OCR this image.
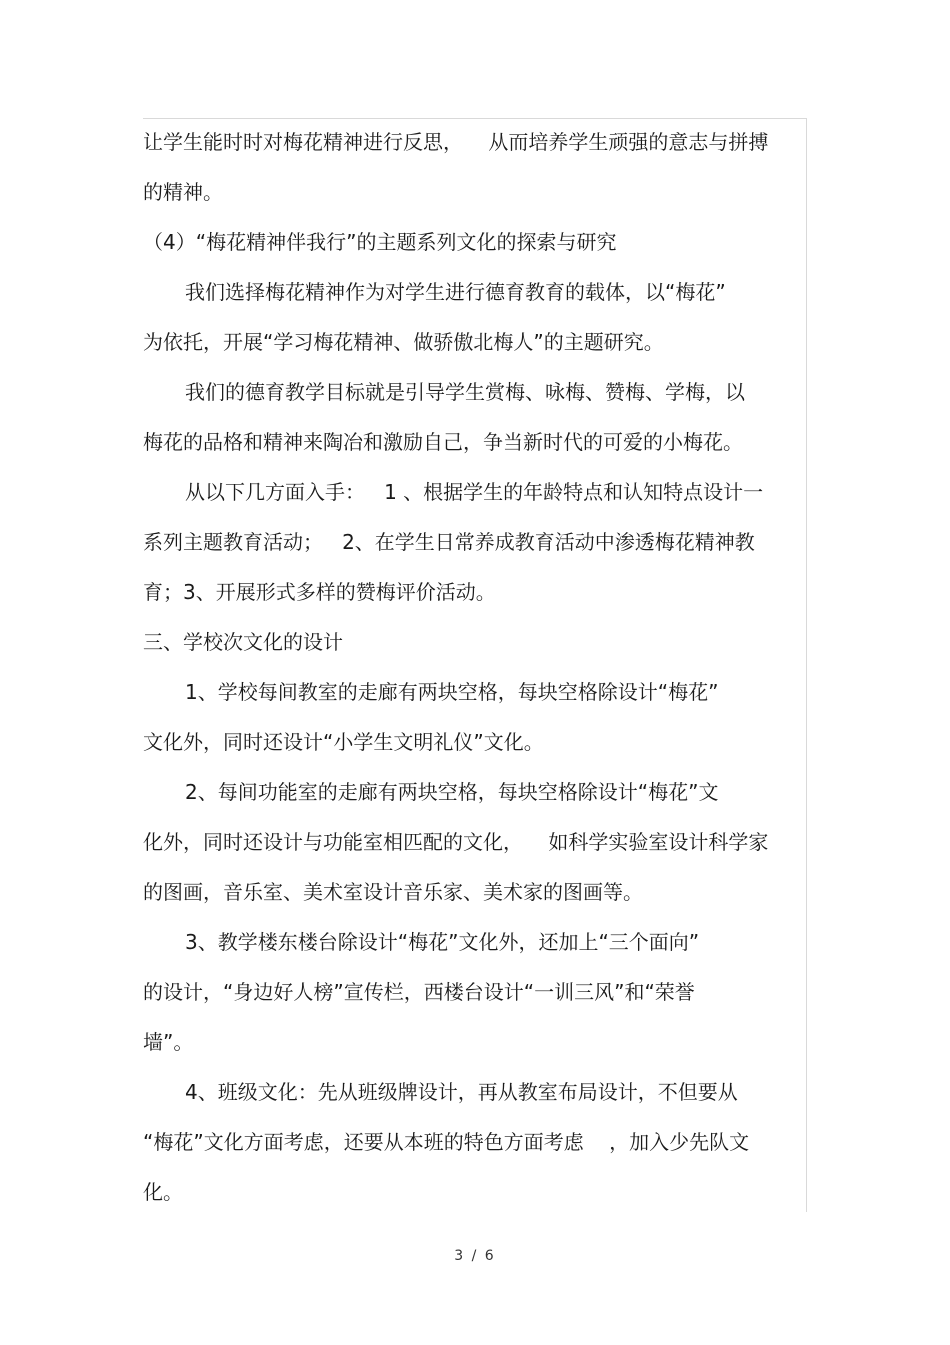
让学生能时时对梅花精神进行反思，    从而培养学生顽强的意志与拼搏
的精神。
（4）“梅花精神伴我行”的主题系列文化的探索与研究
我们选择梅花精神作为对学生进行德育教育的载体，以“梅花”
为依托，开展“学习梅花精神、做骄傲北梅人”的主题研究。
我们的德育教学目标就是引导学生赏梅、咏梅、赞梅、学梅，以
梅花的品格和精神来陶冶和激励自己，争当新时代的可爱的小梅花。
从以下几方面入手：   1 、根据学生的年龄特点和认知特点设计一
系列主题教育活动；   2、在学生日常养成教育活动中渗透梅花精神教
育；3、开展形式多样的赞梅评价活动。
三、学校次文化的设计
1、学校每间教室的走廊有两块空格，每块空格除设计“梅花”
文化外，同时还设计“小学生文明礼仪”文化。
2、每间功能室的走廊有两块空格，每块空格除设计“梅花”文
化外，同时还设计与功能室相匹配的文化，    如科学实验室设计科学家
的图画，音乐室、美术室设计音乐家、美术家的图画等。
3、教学楼东楼台除设计“梅花”文化外，还加上“三个面向”
的设计，“身边好人榜”宣传栏，西楼台设计“一训三风”和“荣誉
墙”。
4、班级文化：先从班级牌设计，再从教室布局设计，不但要从
“梅花”文化方面考虑，还要从本班的特色方面考虑    ，加入少先队文
化。
3 / 6
